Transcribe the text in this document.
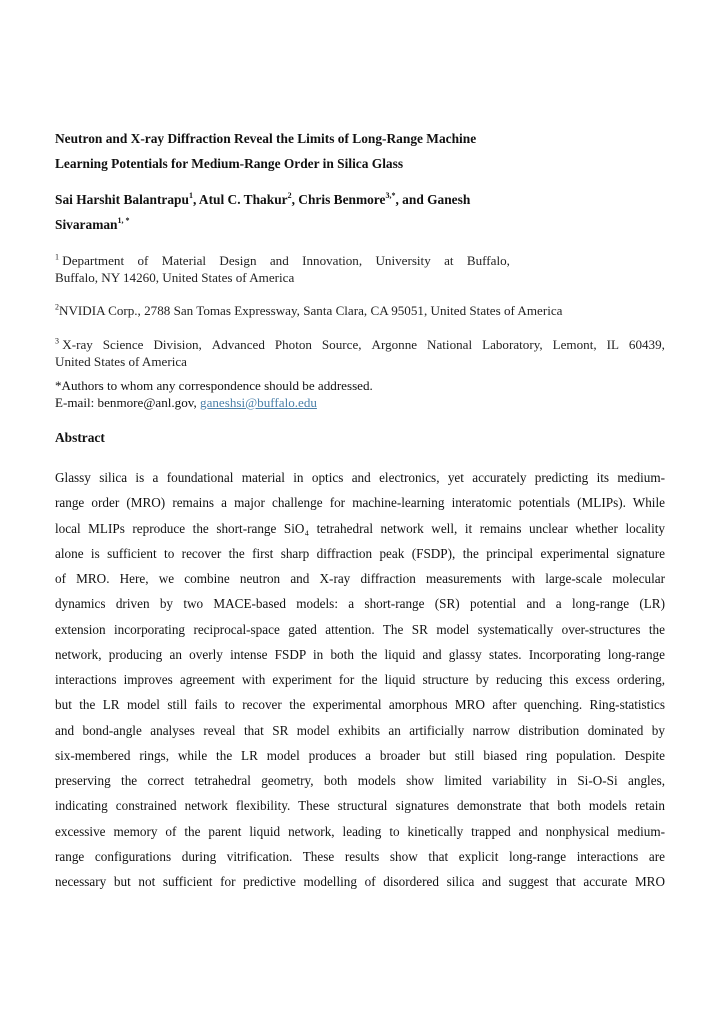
Neutron and X-ray Diffraction Reveal the Limits of Long-Range Machine
Learning Potentials for Medium-Range Order in Silica Glass
Sai Harshit Balantrapu$^1$, Atul C. Thakur$^2$, Chris Benmore$^{3,*}$, and Ganesh
Sivaraman$^{1, *}$
$^1$ Department of Material Design and Innovation, University at Buffalo,
Buffalo, NY 14260, United States of America
$^2$NVIDIA Corp., 2788 San Tomas Expressway, Santa Clara, CA 95051, United States of America
$^3$ X-ray Science Division, Advanced Photon Source, Argonne National Laboratory, Lemont, IL 60439,
United States of America
*Authors to whom any correspondence should be addressed.
E-mail: benmore@anl.gov, ganeshsi@buffalo.edu
Abstract
Glassy silica is a foundational material in optics and electronics, yet accurately predicting its medium-
range order (MRO) remains a major challenge for machine-learning interatomic potentials (MLIPs). While
local MLIPs reproduce the short-range SiO₄ tetrahedral network well, it remains unclear whether locality
alone is sufficient to recover the first sharp diffraction peak (FSDP), the principal experimental signature
of MRO. Here, we combine neutron and X-ray diffraction measurements with large-scale molecular
dynamics driven by two MACE-based models: a short-range (SR) potential and a long-range (LR)
extension incorporating reciprocal-space gated attention. The SR model systematically over-structures the
network, producing an overly intense FSDP in both the liquid and glassy states. Incorporating long-range
interactions improves agreement with experiment for the liquid structure by reducing this excess ordering,
but the LR model still fails to recover the experimental amorphous MRO after quenching. Ring-statistics
and bond-angle analyses reveal that SR model exhibits an artificially narrow distribution dominated by
six-membered rings, while the LR model produces a broader but still biased ring population. Despite
preserving the correct tetrahedral geometry, both models show limited variability in Si-O-Si angles,
indicating constrained network flexibility. These structural signatures demonstrate that both models retain
excessive memory of the parent liquid network, leading to kinetically trapped and nonphysical medium-
range configurations during vitrification. These results show that explicit long-range interactions are
necessary but not sufficient for predictive modelling of disordered silica and suggest that accurate MRO
